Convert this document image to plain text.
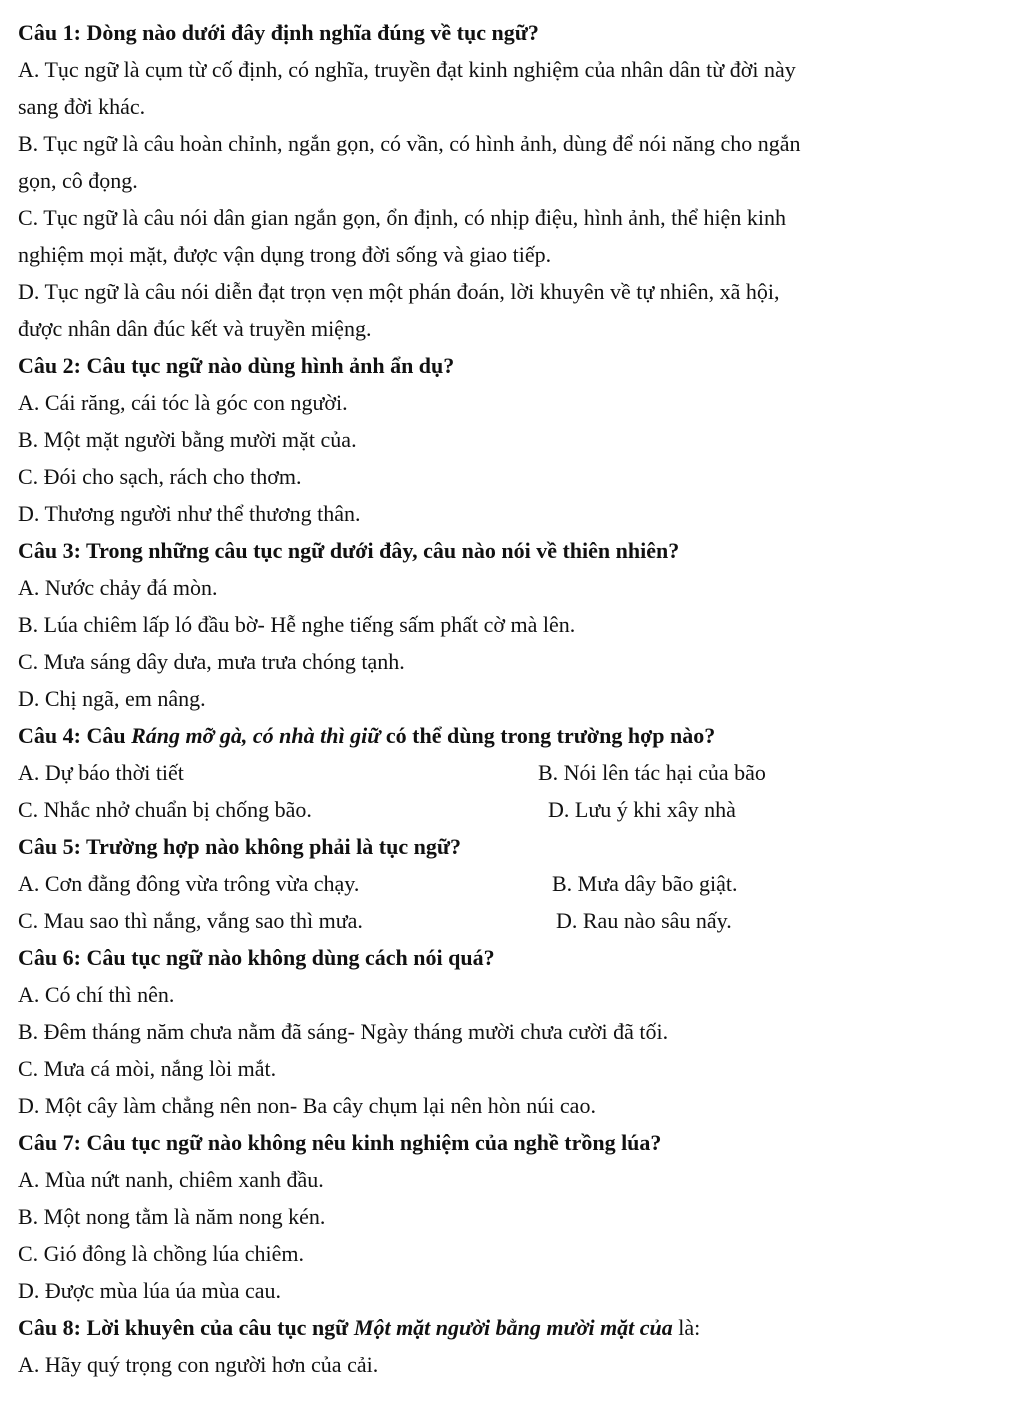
Câu 1: Dòng nào dưới đây định nghĩa đúng về tục ngữ?
A. Tục ngữ là cụm từ cố định, có nghĩa, truyền đạt kinh nghiệm của nhân dân từ đời này
sang đời khác.
B. Tục ngữ là câu hoàn chỉnh, ngắn gọn, có vần, có hình ảnh, dùng để nói năng cho ngắn
gọn, cô đọng.
C. Tục ngữ là câu nói dân gian ngắn gọn, ổn định, có nhịp điệu, hình ảnh, thể hiện kinh
nghiệm mọi mặt, được vận dụng trong đời sống và giao tiếp.
D. Tục ngữ là câu nói diễn đạt trọn vẹn một phán đoán, lời khuyên về tự nhiên, xã hội,
được nhân dân đúc kết và truyền miệng.
Câu 2: Câu tục ngữ nào dùng hình ảnh ẩn dụ?
A. Cái răng, cái tóc là góc con người.
B. Một mặt người bằng mười mặt của.
C. Đói cho sạch, rách cho thơm.
D. Thương người như thể thương thân.
Câu 3: Trong những câu tục ngữ dưới đây, câu nào nói về thiên nhiên?
A. Nước chảy đá mòn.
B. Lúa chiêm lấp ló đầu bờ- Hễ nghe tiếng sấm phất cờ mà lên.
C. Mưa sáng dây dưa, mưa trưa chóng tạnh.
D. Chị ngã, em nâng.
Câu 4: Câu Ráng mỡ gà, có nhà thì giữ có thể dùng trong trường hợp nào?
A. Dự báo thời tiết	B. Nói lên tác hại của bão
C. Nhắc nhở chuẩn bị chống bão.	D. Lưu ý khi xây nhà
Câu 5: Trường hợp nào không phải là tục ngữ?
A. Cơn đằng đông vừa trông vừa chạy.	B. Mưa dây bão giật.
C. Mau sao thì nắng, vắng sao thì mưa.	D. Rau nào sâu nấy.
Câu 6: Câu tục ngữ nào không dùng cách nói quá?
A. Có chí thì nên.
B. Đêm tháng năm chưa nằm đã sáng- Ngày tháng mười chưa cười đã tối.
C. Mưa cá mòi, nắng lòi mắt.
D. Một cây làm chẳng nên non- Ba cây chụm lại nên hòn núi cao.
Câu 7: Câu tục ngữ nào không nêu kinh nghiệm của nghề trồng lúa?
A. Mùa nứt nanh, chiêm xanh đầu.
B. Một nong tằm là năm nong kén.
C. Gió đông là chồng lúa chiêm.
D. Được mùa lúa úa mùa cau.
Câu 8: Lời khuyên của câu tục ngữ Một mặt người bằng mười mặt của là:
A. Hãy quý trọng con người hơn của cải.
